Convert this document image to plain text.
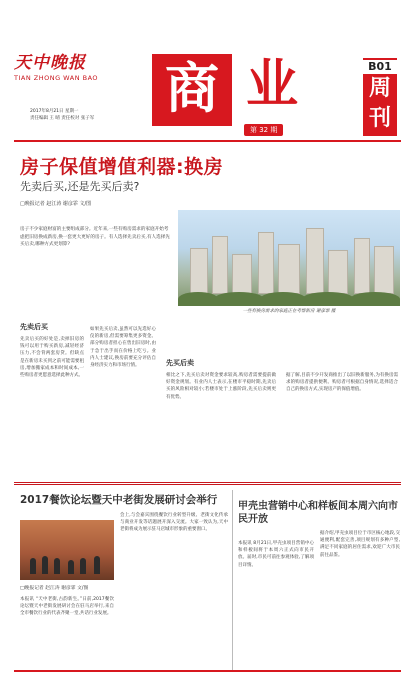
天中晚报
TIAN ZHONG WAN BAO
2017年8月21日 星期一
责任编辑 王 晴 责任校对 张子军	商 业
第 32 期
B01
周刊
房子保值增值利器:换房
先卖后买,还是先买后卖?
□晚报记者 赵江涛 谢彦霏 文/图
房子不少家庭财富的主要组成部分。近年来,一些有购房需求的家庭开始考虑把旧房换成新房,换一套更大更好的房子。有人选择先卖后买,有人选择先买后卖,哪种方式更划算?
一些有换房需求的家庭正在考察新房 谢彦霏 摄
先卖后买
先买后卖
先卖后买的好处是,卖掉旧房的钱可以用于购买新房,减轻经济压力,不会背两套房贷。但缺点是在新房未买到之前可能需要租房,增加搬家成本和时间成本,一些购房者更愿意选择此种方式。
如果先买后卖,虽然可以先选好心仪的新房,但需要筹集更多资金。部分购房者担心在售出旧房时,由于急于出手而在价格上吃亏。业内人士建议,换房前要充分评估自身经济实力和市场行情。
相比之下,先买后卖对资金要求较高,购房者需要提前做好资金规划。有业内人士表示,在楼市平稳时期,先卖后买的风险相对较小;若楼市处于上涨阶段,先买后卖则更有优势。
据了解,目前不少开发商推出了以旧换新服务,为有换房需求的购房者提供便利。购房者可根据自身情况,选择适合自己的换房方式,实现房产的保值增值。
2017餐饮论坛暨天中老街发展研讨会举行
□晚报记者 赵江涛 谢彦霏 文/图
本报讯 “天中老街,古韵新生。”日前,2017餐饮论坛暨天中老街发展研讨会在驻马店举行,来自全市餐饮行业的代表齐聚一堂,共话行业发展。
会上,与会嘉宾围绕餐饮行业转型升级、老街文化传承与商业开发等话题展开深入交流。大家一致认为,天中老街将成为展示驻马店城市形象的重要窗口。
甲壳虫营销中心和样板间本周六向市民开放
本报讯 8月21日,甲壳虫项目营销中心和样板间将于本周六正式向市民开放。届时,市民可前往参观体验,了解项目详情。
据介绍,甲壳虫项目位于市区核心地段,交通便利,配套完善,项目规划有多种户型,满足不同家庭的居住需求,欢迎广大市民前往品鉴。
